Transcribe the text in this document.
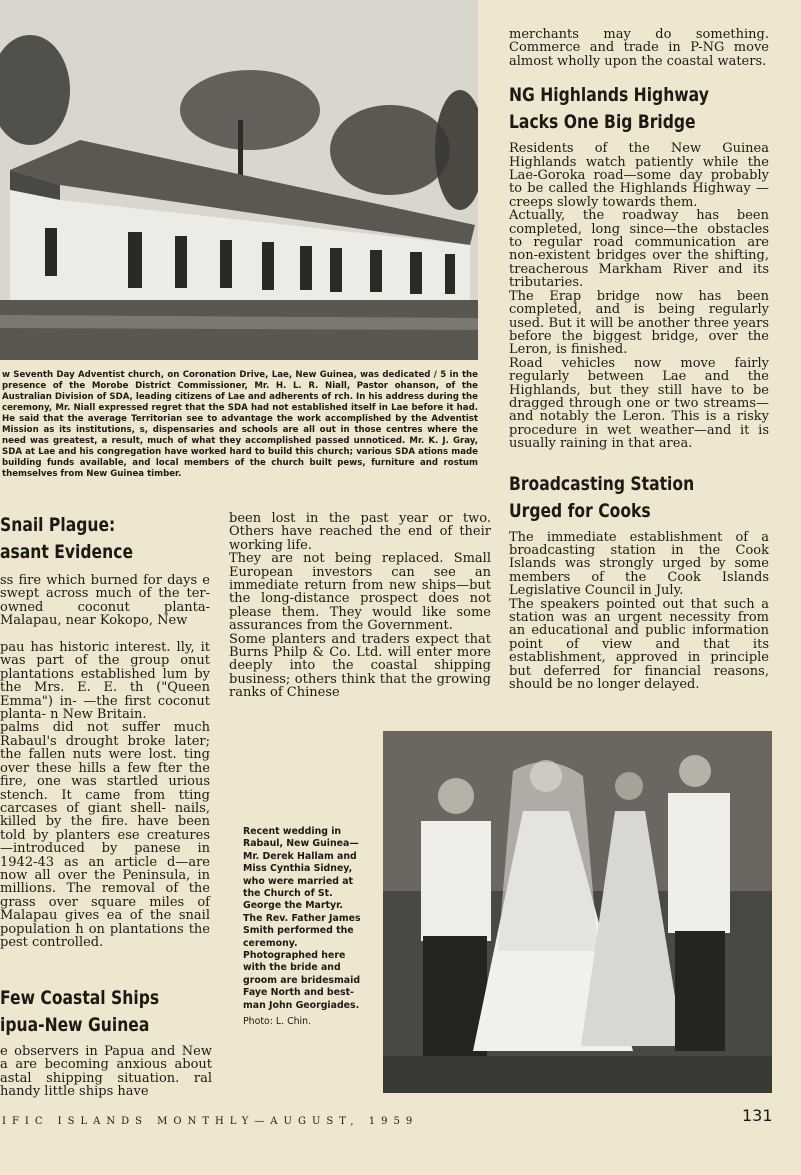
w Seventh Day Adventist church, on Coronation Drive, Lae, New Guinea, was dedicated / 5 in the presence of the Morobe District Commissioner, Mr. H. L. R. Niall, Pastor ohanson, of the Australian Division of SDA, leading citizens of Lae and adherents of rch. In his address during the ceremony, Mr. Niall expressed regret that the SDA had not established itself in Lae before it had. He said that the average Territorian see to advantage the work accomplished by the Adventist Mission as its institutions, s, dispensaries and schools are all out in those centres where the need was greatest, a result, much of what they accomplished passed unnoticed. Mr. K. J. Gray, SDA at Lae and his congregation have worked hard to build this church; various SDA ations made building funds available, and local members of the church built pews, furniture and rostum themselves from New Guinea timber.

Snail Plague:

asant Evidence

ss fire which burned for days e swept across much of the ter-owned coconut planta- Malapau, near Kokopo, New

pau has historic interest. lly, it was part of the group onut plantations established lum by the Mrs. E. E. th ("Queen Emma") in- —the first coconut planta- n New Britain.
palms did not suffer much Rabaul's drought broke later; the fallen nuts were lost. ting over these hills a few fter the fire, one was startled urious stench. It came from tting carcases of giant shell- nails, killed by the fire. have been told by planters ese creatures—introduced by panese in 1942-43 as an article d—are now all over the Peninsula, in millions. The removal of the grass over square miles of Malapau gives ea of the snail population h on plantations the pest controlled.

Few Coastal Ships

ipua-New Guinea

e observers in Papua and New a are becoming anxious about astal shipping situation. ral handy little ships have

been lost in the past year or two. Others have reached the end of their working life.
They are not being replaced. Small European investors can see an immediate return from new ships—but the long-distance prospect does not please them. They would like some assurances from the Government.
Some planters and traders expect that Burns Philp & Co. Ltd. will enter more deeply into the coastal shipping business; others think that the growing ranks of Chinese

merchants may do something. Commerce and trade in P-NG move almost wholly upon the coastal waters.

NG Highlands Highway

Lacks One Big Bridge

Residents of the New Guinea Highlands watch patiently while the Lae-Goroka road—some day probably to be called the Highlands Highway — creeps slowly towards them.
Actually, the roadway has been completed, long since—the obstacles to regular road communication are non-existent bridges over the shifting, treacherous Markham River and its tributaries.
The Erap bridge now has been completed, and is being regularly used. But it will be another three years before the biggest bridge, over the Leron, is finished.
Road vehicles now move fairly regularly between Lae and the Highlands, but they still have to be dragged through one or two streams—and notably the Leron. This is a risky procedure in wet weather—and it is usually raining in that area.

Broadcasting Station

Urged for Cooks

The immediate establishment of a broadcasting station in the Cook Islands was strongly urged by some members of the Cook Islands Legislative Council in July.
The speakers pointed out that such a station was an urgent necessity from an educational and public information point of view and that its establishment, approved in principle but deferred for financial reasons, should be no longer delayed.

Recent wedding in Rabaul, New Guinea—Mr. Derek Hallam and Miss Cynthia Sidney, who were married at the Church of St. George the Martyr. The Rev. Father James Smith performed the ceremony. Photographed here with the bride and groom are bridesmaid Faye North and best-man John Georgiades.

Photo: L. Chin.

IFIC ISLANDS MONTHLY—AUGUST, 1959	131
